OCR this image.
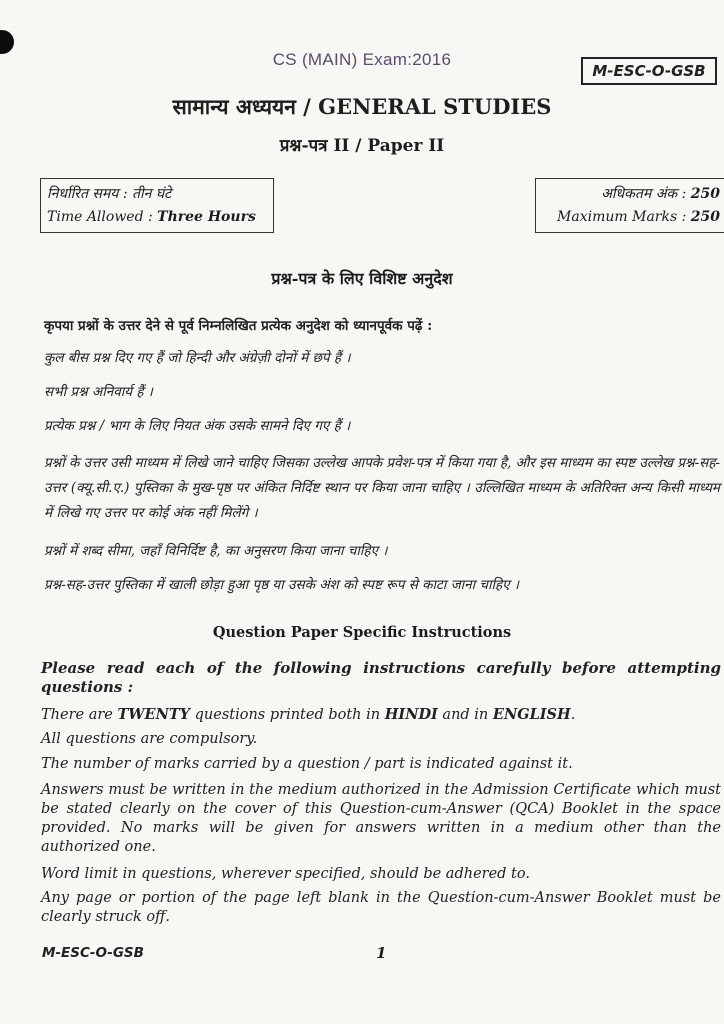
CS (MAIN) Exam:2016
M-ESC-O-GSB
सामान्य अध्ययन / GENERAL STUDIES
प्रश्न-पत्र II / Paper II
निर्धारित समय : तीन घंटे
Time Allowed : Three Hours
अधिकतम अंक : 250
Maximum Marks : 250
प्रश्न-पत्र के लिए विशिष्ट अनुदेश
कृपया प्रश्नों के उत्तर देने से पूर्व निम्नलिखित प्रत्येक अनुदेश को ध्यानपूर्वक पढ़ें :
कुल बीस प्रश्न दिए गए हैं जो हिन्दी और अंग्रेज़ी दोनों में छपे हैं ।
सभी प्रश्न अनिवार्य हैं ।
प्रत्येक प्रश्न / भाग के लिए नियत अंक उसके सामने दिए गए हैं ।
प्रश्नों के उत्तर उसी माध्यम में लिखे जाने चाहिए जिसका उल्लेख आपके प्रवेश-पत्र में किया गया है, और इस माध्यम का स्पष्ट उल्लेख प्रश्न-सह-उत्तर (क्यू.सी.ए.) पुस्तिका के मुख-पृष्ठ पर अंकित निर्दिष्ट स्थान पर किया जाना चाहिए । उल्लिखित माध्यम के अतिरिक्त अन्य किसी माध्यम में लिखे गए उत्तर पर कोई अंक नहीं मिलेंगे ।
प्रश्नों में शब्द सीमा, जहाँ विनिर्दिष्ट है, का अनुसरण किया जाना चाहिए ।
प्रश्न-सह-उत्तर पुस्तिका में खाली छोड़ा हुआ पृष्ठ या उसके अंश को स्पष्ट रूप से काटा जाना चाहिए ।
Question Paper Specific Instructions
Please read each of the following instructions carefully before attempting questions :
There are TWENTY questions printed both in HINDI and in ENGLISH.
All questions are compulsory.
The number of marks carried by a question / part is indicated against it.
Answers must be written in the medium authorized in the Admission Certificate which must be stated clearly on the cover of this Question-cum-Answer (QCA) Booklet in the space provided. No marks will be given for answers written in a medium other than the authorized one.
Word limit in questions, wherever specified, should be adhered to.
Any page or portion of the page left blank in the Question-cum-Answer Booklet must be clearly struck off.
M-ESC-O-GSB	1
